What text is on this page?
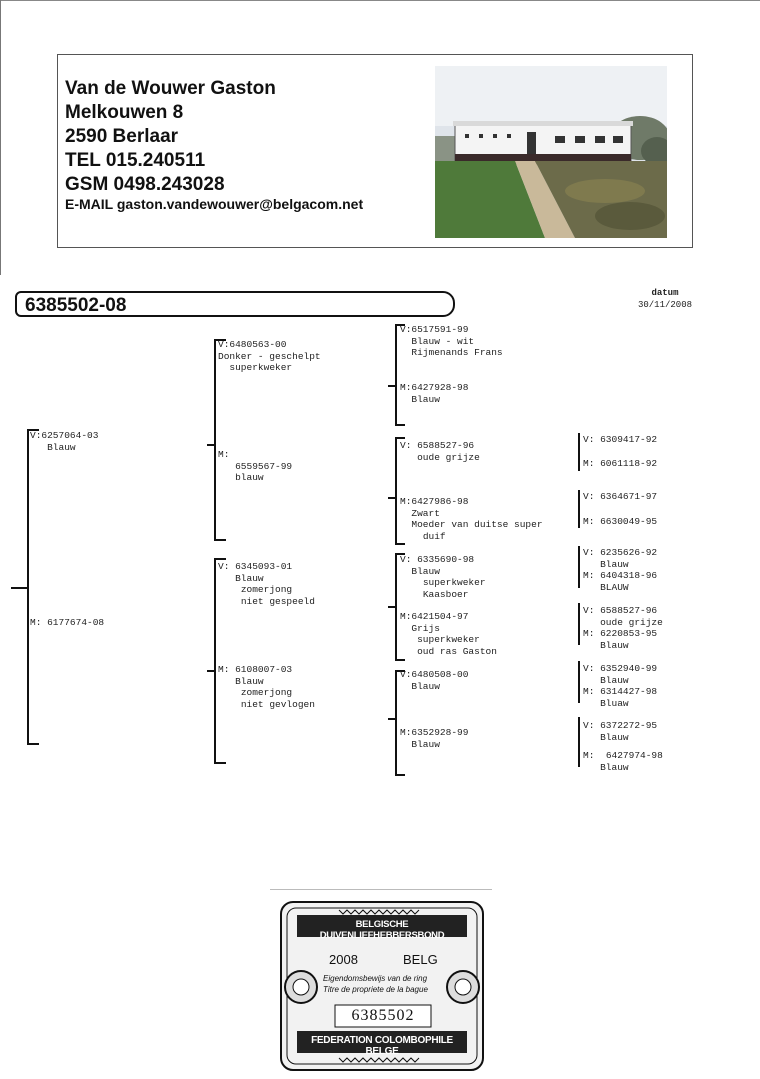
Van de Wouwer Gaston
Melkouwen 8
2590 Berlaar
TEL 015.240511
GSM 0498.243028
E-MAIL gaston.vandewouwer@belgacom.net
6385502-08
datum
30/11/2008
V:6257064-03
Blauw
M: 6177674-08
V:6480563-00
Donker - geschelpt
superkweker
M:
6559567-99
blauw
V: 6345093-01
Blauw
zomerjong
niet gespeeld
M: 6108007-03
Blauw
zomerjong
niet gevlogen
V:6517591-99
Blauw - wit
Rijmenands Frans
M:6427928-98
Blauw
V: 6588527-96
oude grijze
M:6427986-98
Zwart
Moeder van duitse super
duif
V: 6335690-98
Blauw
superkweker
Kaasboer
M:6421504-97
Grijs
superkweker
oud ras Gaston
V:6480508-00
Blauw
M:6352928-99
Blauw
V: 6309417-92
M: 6061118-92
V: 6364671-97
M: 6630049-95
V: 6235626-92
Blauw
M: 6404318-96
BLAUW
V: 6588527-96
oude grijze
M: 6220853-95
Blauw
V: 6352940-99
Blauw
M: 6314427-98
Bluaw
V: 6372272-95
Blauw
M: 6427974-98
Blauw
BELGISCHE DUIVENLIEFHEBBERSBOND
2008	BELG
Eigendomsbewijs van de ring
Titre de propriete de la bague
6385502
FEDERATION COLOMBOPHILE BELGE
